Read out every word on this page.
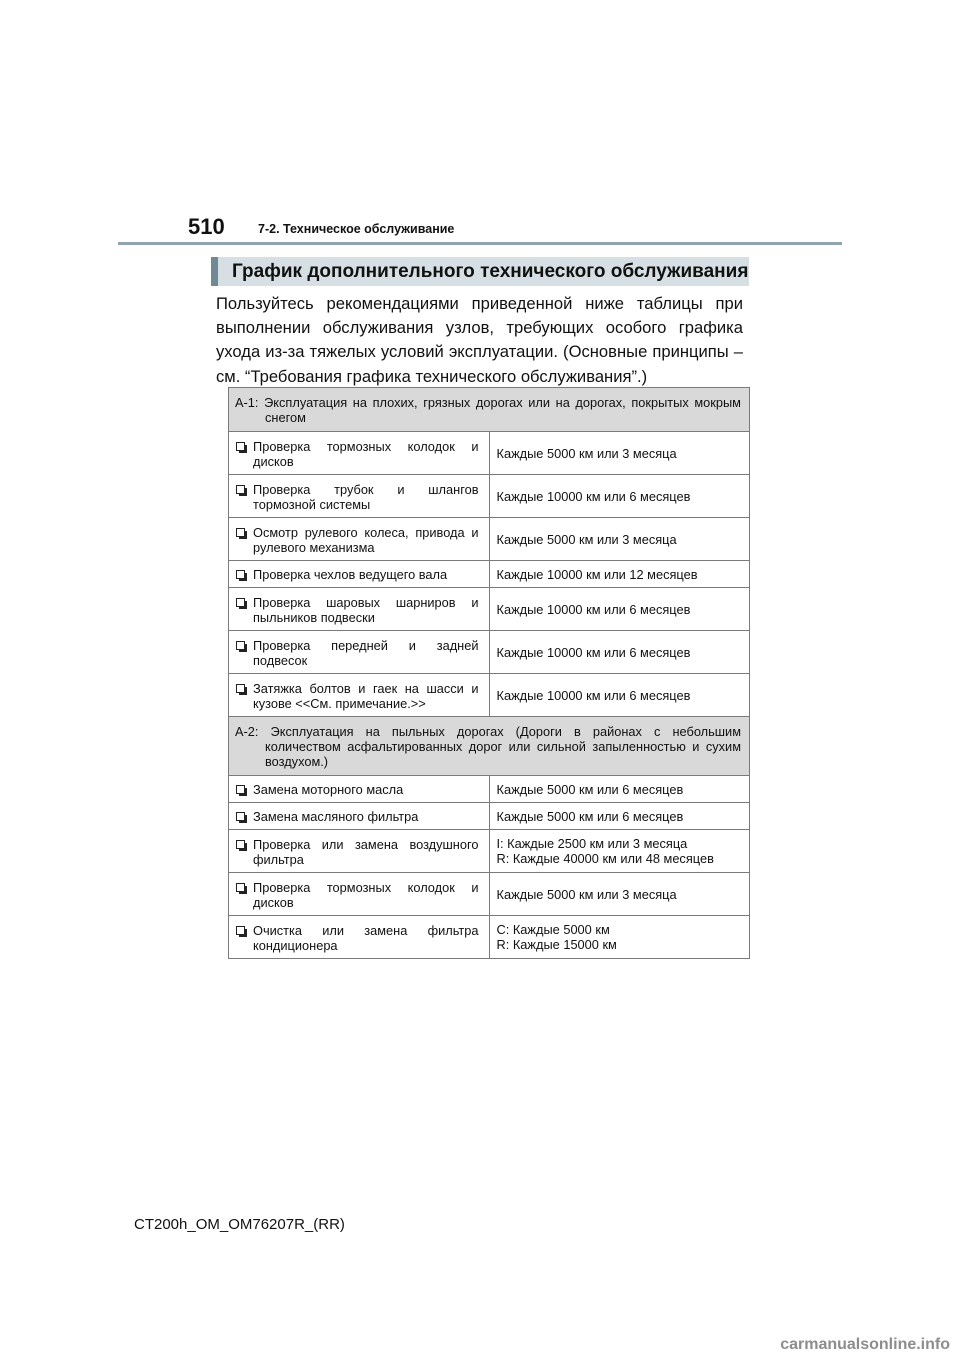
510	7-2. Техническое обслуживание
График дополнительного технического обслуживания
Пользуйтесь рекомендациями приведенной ниже таблицы при выполнении обслуживания узлов, требующих особого графика ухода из-за тяжелых условий эксплуатации. (Основные принципы – см. “Требования графика технического обслуживания”.)
A-1: Эксплуатация на плохих, грязных дорогах или на дорогах, покрытых мокрым снегом	

Проверка тормозных колодок и дисков	Каждые 5000 км или 3 месяца

Проверка трубок и шлангов тормозной системы	Каждые 10000 км или 6 месяцев

Осмотр рулевого колеса, привода и рулевого механизма	Каждые 5000 км или 3 месяца

Проверка чехлов ведущего вала	Каждые 10000 км или 12 месяцев

Проверка шаровых шарниров и пыльников подвески	Каждые 10000 км или 6 месяцев

Проверка передней и задней подвесок	Каждые 10000 км или 6 месяцев

Затяжка болтов и гаек на шасси и кузове <<См. примечание.>>	Каждые 10000 км или 6 месяцев

A-2: Эксплуатация на пыльных дорогах (Дороги в районах с небольшим количеством асфальтированных дорог или сильной запыленностью и сухим воздухом.)	

Замена моторного масла	Каждые 5000 км или 6 месяцев

Замена масляного фильтра	Каждые 5000 км или 6 месяцев

Проверка или замена воздушного фильтра	I: Каждые 2500 км или 3 месяца
R: Каждые 40000 км или 48 месяцев

Проверка тормозных колодок и дисков	Каждые 5000 км или 3 месяца

Очистка или замена фильтра кондиционера	C: Каждые 5000 км
R: Каждые 15000 км
CT200h_OM_OM76207R_(RR)
carmanualsonline.info
